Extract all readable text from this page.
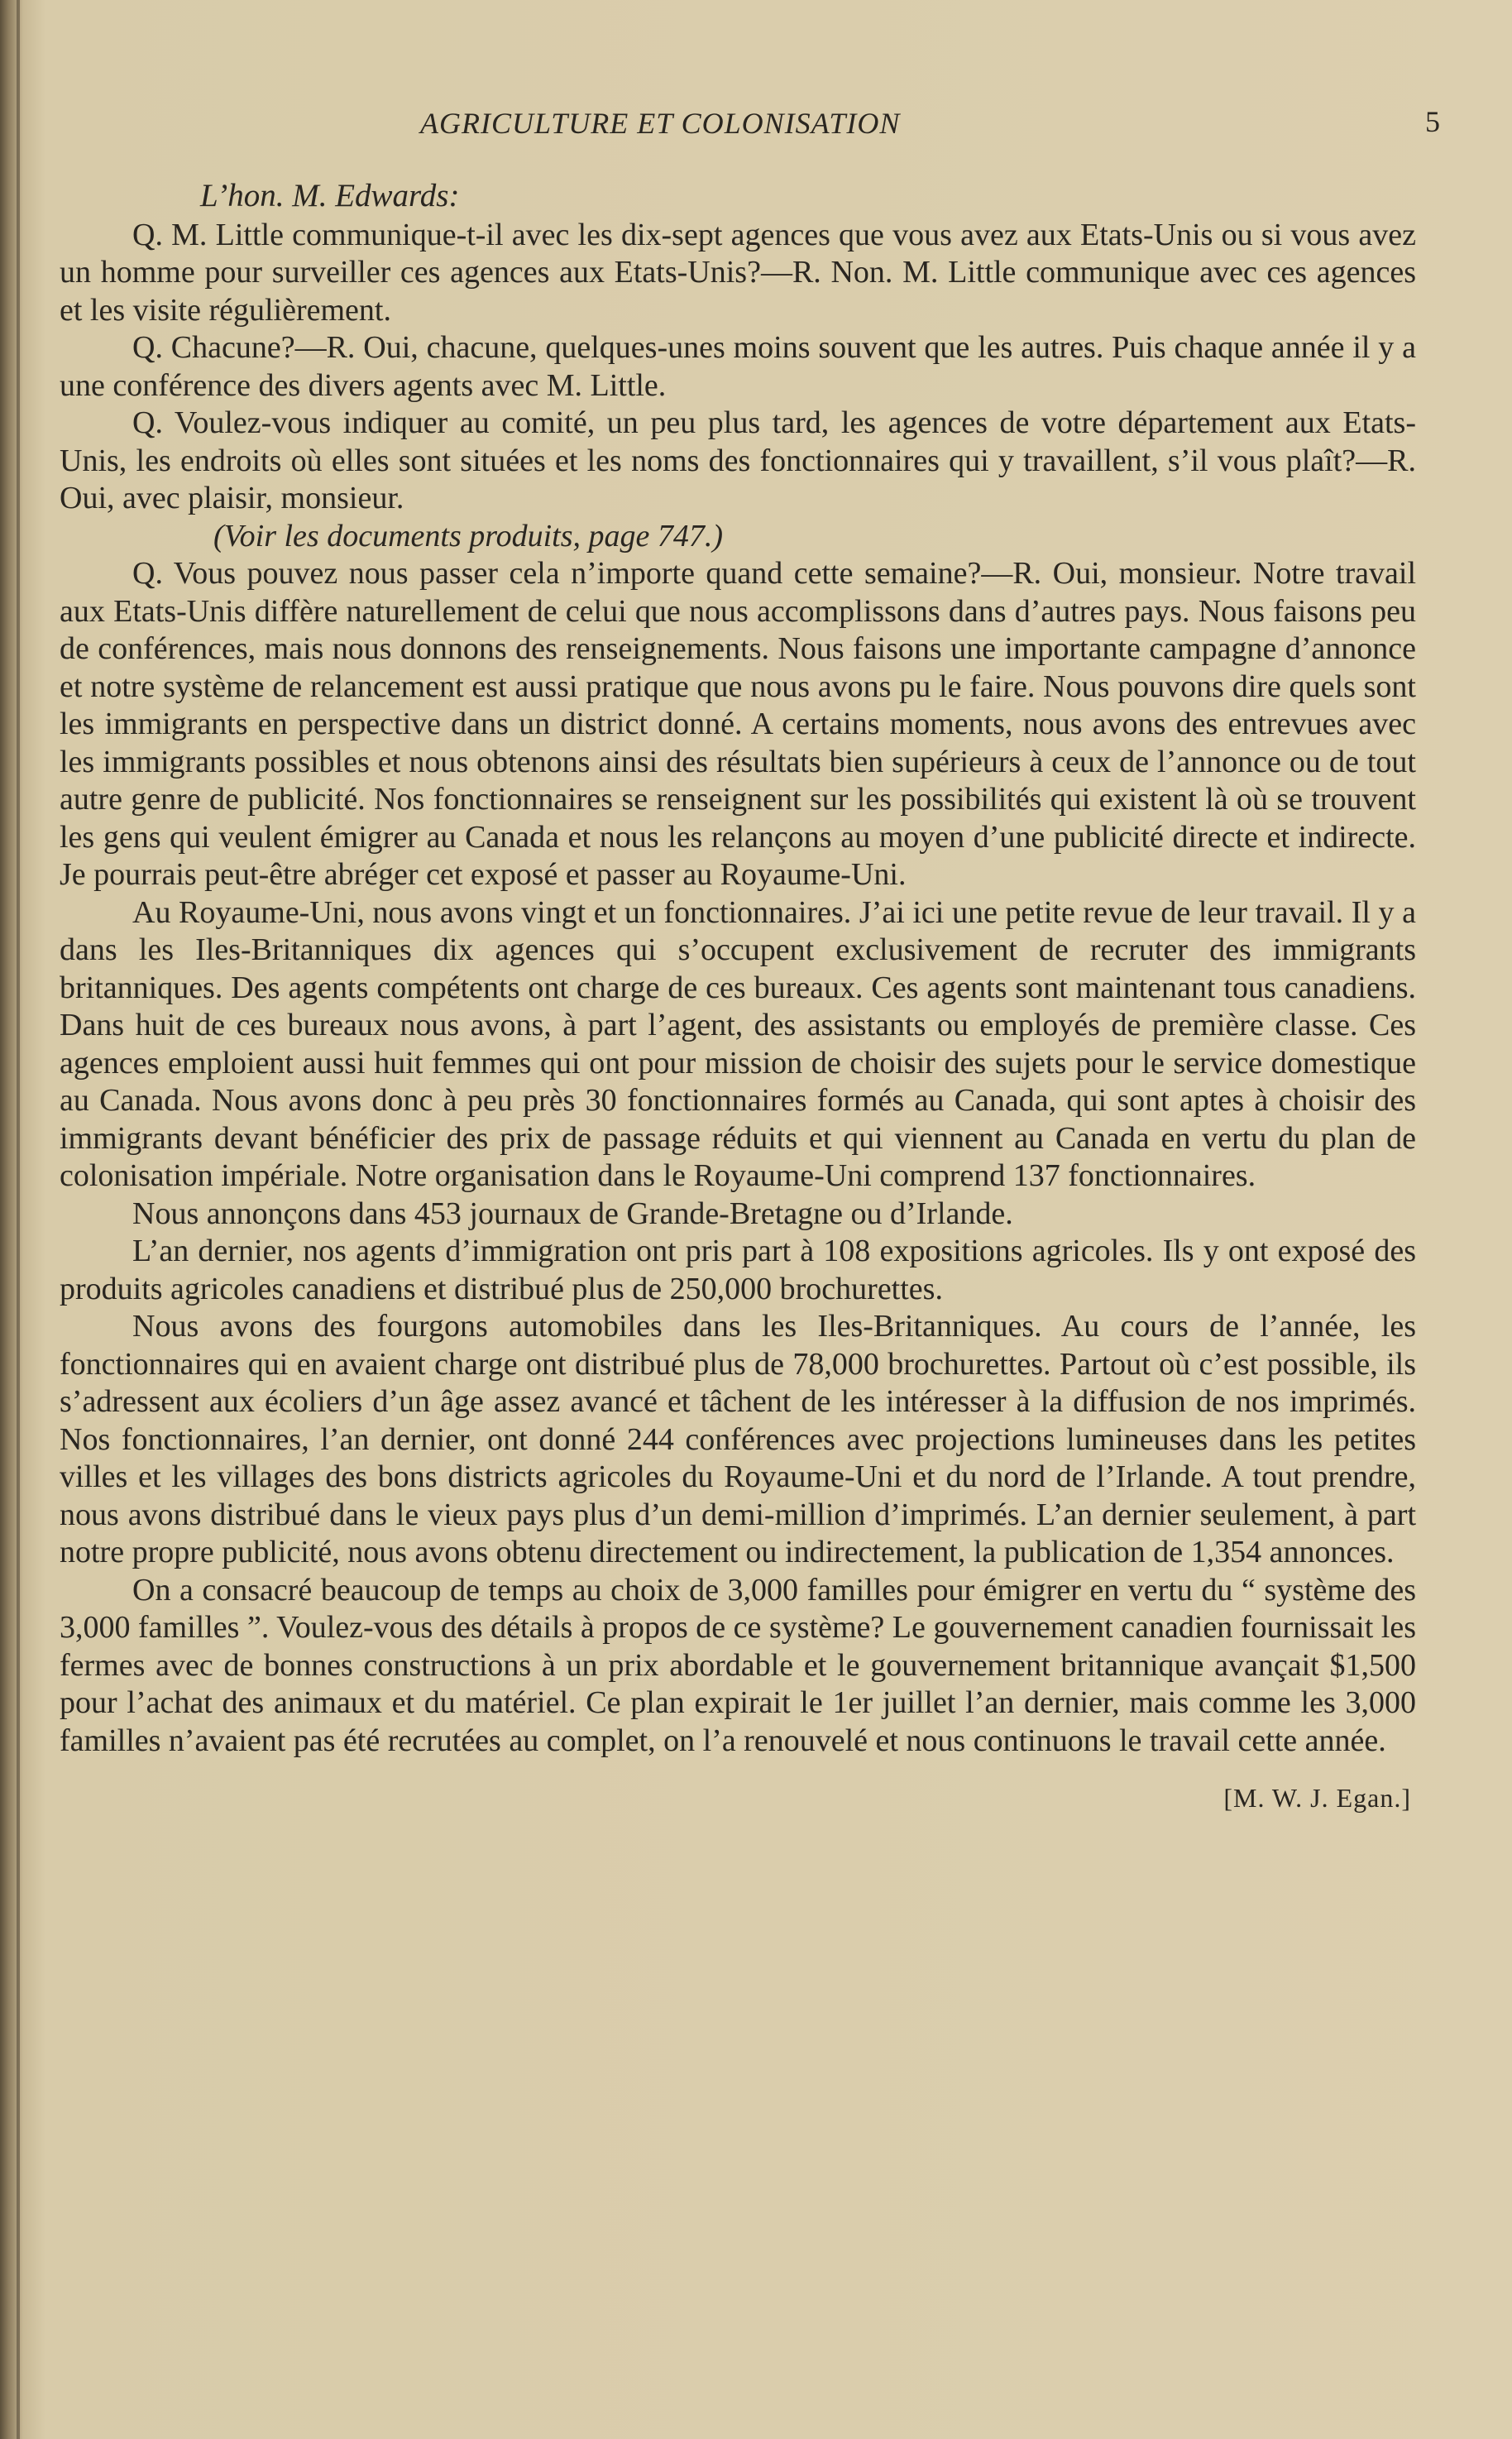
AGRICULTURE ET COLONISATION	5
L’hon. M. Edwards:

Q. M. Little communique-t-il avec les dix-sept agences que vous avez aux Etats-Unis ou si vous avez un homme pour surveiller ces agences aux Etats-Unis?—R. Non. M. Little communique avec ces agences et les visite régulièrement.

Q. Chacune?—R. Oui, chacune, quelques-unes moins souvent que les autres. Puis chaque année il y a une conférence des divers agents avec M. Little.

Q. Voulez-vous indiquer au comité, un peu plus tard, les agences de votre département aux Etats-Unis, les endroits où elles sont situées et les noms des fonctionnaires qui y travaillent, s’il vous plaît?—R. Oui, avec plaisir, monsieur.

(Voir les documents produits, page 747.)

Q. Vous pouvez nous passer cela n’importe quand cette semaine?—R. Oui, monsieur. Notre travail aux Etats-Unis diffère naturellement de celui que nous accomplissons dans d’autres pays. Nous faisons peu de conférences, mais nous donnons des renseignements. Nous faisons une importante campagne d’annonce et notre système de relancement est aussi pratique que nous avons pu le faire. Nous pouvons dire quels sont les immigrants en perspective dans un district donné. A certains moments, nous avons des entrevues avec les immigrants possibles et nous obtenons ainsi des résultats bien supérieurs à ceux de l’annonce ou de tout autre genre de publicité. Nos fonctionnaires se renseignent sur les possibilités qui existent là où se trouvent les gens qui veulent émigrer au Canada et nous les relançons au moyen d’une publicité directe et indirecte. Je pourrais peut-être abréger cet exposé et passer au Royaume-Uni.

Au Royaume-Uni, nous avons vingt et un fonctionnaires. J’ai ici une petite revue de leur travail. Il y a dans les Iles-Britanniques dix agences qui s’occupent exclusivement de recruter des immigrants britanniques. Des agents compétents ont charge de ces bureaux. Ces agents sont maintenant tous canadiens. Dans huit de ces bureaux nous avons, à part l’agent, des assistants ou employés de première classe. Ces agences emploient aussi huit femmes qui ont pour mission de choisir des sujets pour le service domestique au Canada. Nous avons donc à peu près 30 fonctionnaires formés au Canada, qui sont aptes à choisir des immigrants devant bénéficier des prix de passage réduits et qui viennent au Canada en vertu du plan de colonisation impériale. Notre organisation dans le Royaume-Uni comprend 137 fonctionnaires.

Nous annonçons dans 453 journaux de Grande-Bretagne ou d’Irlande.

L’an dernier, nos agents d’immigration ont pris part à 108 expositions agricoles. Ils y ont exposé des produits agricoles canadiens et distribué plus de 250,000 brochurettes.

Nous avons des fourgons automobiles dans les Iles-Britanniques. Au cours de l’année, les fonctionnaires qui en avaient charge ont distribué plus de 78,000 brochurettes. Partout où c’est possible, ils s’adressent aux écoliers d’un âge assez avancé et tâchent de les intéresser à la diffusion de nos imprimés. Nos fonctionnaires, l’an dernier, ont donné 244 conférences avec projections lumineuses dans les petites villes et les villages des bons districts agricoles du Royaume-Uni et du nord de l’Irlande. A tout prendre, nous avons distribué dans le vieux pays plus d’un demi-million d’imprimés. L’an dernier seulement, à part notre propre publicité, nous avons obtenu directement ou indirectement, la publication de 1,354 annonces.

On a consacré beaucoup de temps au choix de 3,000 familles pour émigrer en vertu du “ système des 3,000 familles ”. Voulez-vous des détails à propos de ce système? Le gouvernement canadien fournissait les fermes avec de bonnes constructions à un prix abordable et le gouvernement britannique avançait $1,500 pour l’achat des animaux et du matériel. Ce plan expirait le 1er juillet l’an dernier, mais comme les 3,000 familles n’avaient pas été recrutées au complet, on l’a renouvelé et nous continuons le travail cette année.

[M. W. J. Egan.]
